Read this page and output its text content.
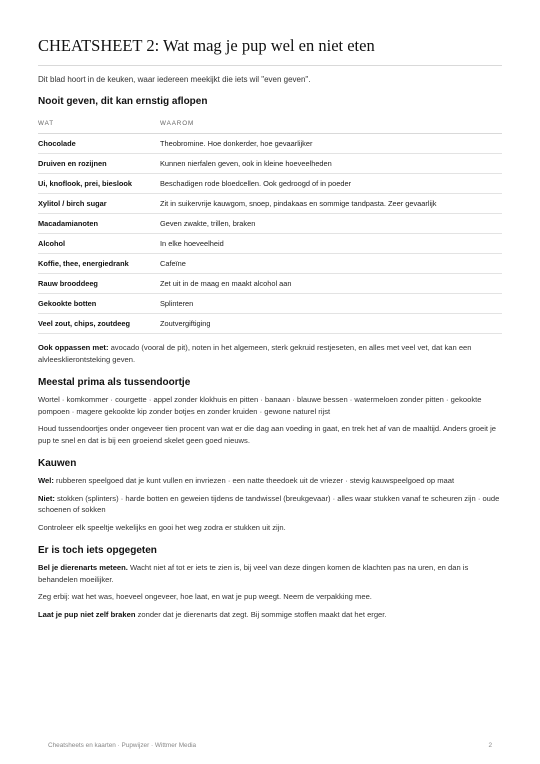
CHEATSHEET 2: Wat mag je pup wel en niet eten

Dit blad hoort in de keuken, waar iedereen meekijkt die iets wil "even geven".

Nooit geven, dit kan ernstig aflopen
WAT	WAAROM
Chocolade	Theobromine. Hoe donkerder, hoe gevaarlijker
Druiven en rozijnen	Kunnen nierfalen geven, ook in kleine hoeveelheden
Ui, knoflook, prei, bieslook	Beschadigen rode bloedcellen. Ook gedroogd of in poeder
Xylitol / birch sugar	Zit in suikervrije kauwgom, snoep, pindakaas en sommige tandpasta. Zeer gevaarlijk
Macadamianoten	Geven zwakte, trillen, braken
Alcohol	In elke hoeveelheid
Koffie, thee, energiedrank	Cafeïne
Rauw brooddeeg	Zet uit in de maag en maakt alcohol aan
Gekookte botten	Splinteren
Veel zout, chips, zoutdeeg	Zoutvergiftiging

Ook oppassen met: avocado (vooral de pit), noten in het algemeen, sterk gekruid restjeseten, en alles met veel vet, dat kan een alvleesklierontsteking geven.

Meestal prima als tussendoortje

Wortel · komkommer · courgette · appel zonder klokhuis en pitten · banaan · blauwe bessen · watermeloen zonder pitten · gekookte pompoen · magere gekookte kip zonder botjes en zonder kruiden · gewone naturel rijst

Houd tussendoortjes onder ongeveer tien procent van wat er die dag aan voeding in gaat, en trek het af van de maaltijd. Anders groeit je pup te snel en dat is bij een groeiend skelet geen goed nieuws.

Kauwen

Wel: rubberen speelgoed dat je kunt vullen en invriezen · een natte theedoek uit de vriezer · stevig kauwspeelgoed op maat

Niet: stokken (splinters) · harde botten en geweien tijdens de tandwissel (breukgevaar) · alles waar stukken vanaf te scheuren zijn · oude schoenen of sokken

Controleer elk speeltje wekelijks en gooi het weg zodra er stukken uit zijn.

Er is toch iets opgegeten

Bel je dierenarts meteen. Wacht niet af tot er iets te zien is, bij veel van deze dingen komen de klachten pas na uren, en dan is behandelen moeilijker.

Zeg erbij: wat het was, hoeveel ongeveer, hoe laat, en wat je pup weegt. Neem de verpakking mee.

Laat je pup niet zelf braken zonder dat je dierenarts dat zegt. Bij sommige stoffen maakt dat het erger.

Cheatsheets en kaarten · Pupwijzer · Wittmer Media	2
